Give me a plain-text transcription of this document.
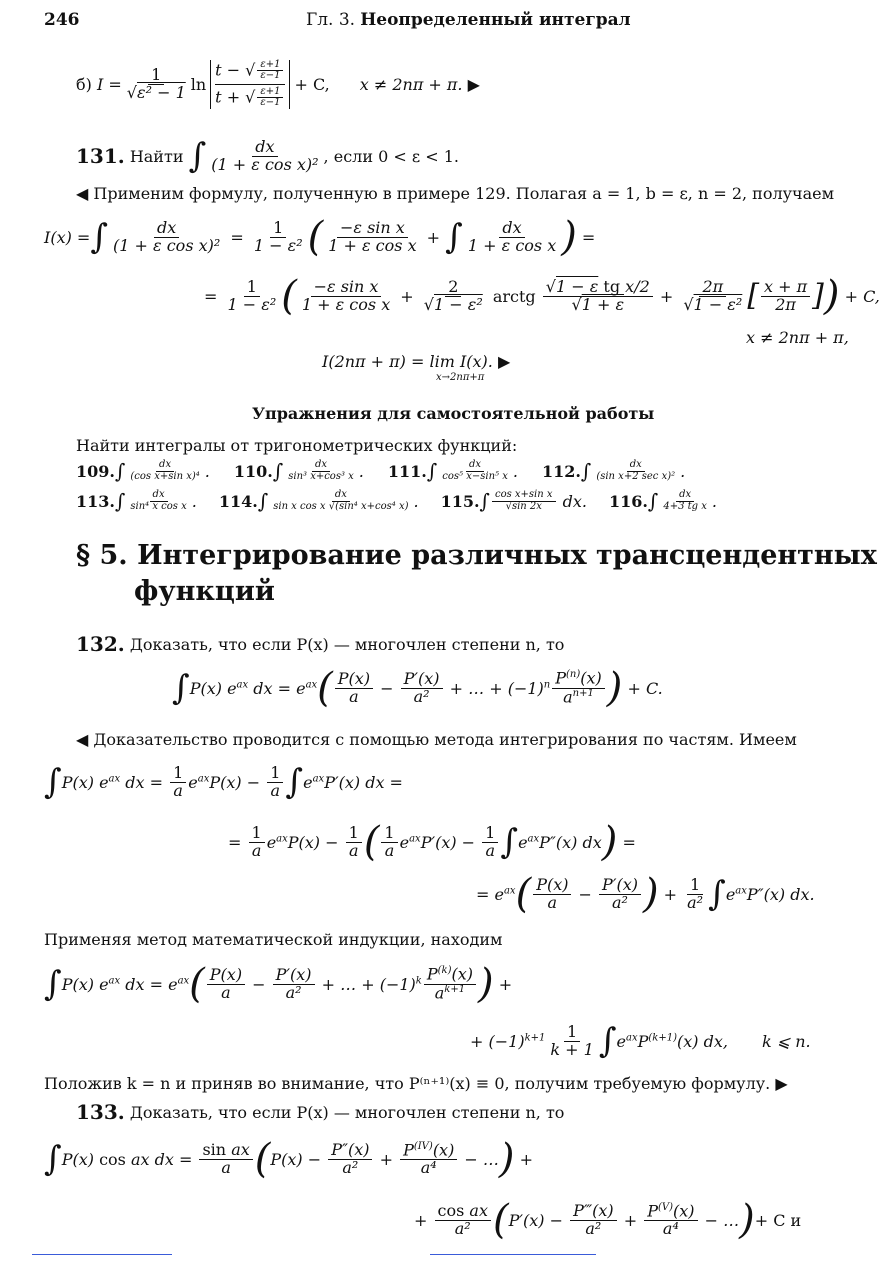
246	Гл. 3. Неопределенный интеграл
б)
$I = \frac{1}{\text{√ε² − 1}}$ ln
t − √ $\frac{\varepsilon+1}{\varepsilon-1}$
t + √ $\frac{\varepsilon+1}{\varepsilon-1}$
+ C, x ≠ 2nπ + π. ▶
131.
Найти
∫ $\frac{dx}{\text{(1 + ε cos x)²}}$ , если 0 < ε < 1.
◀ Применим формулу, полученную в примере 129. Полагая a = 1, b = ε, n = 2, получаем
I(x) = ∫ $\frac{dx}{\text{(1 + ε cos x)²}} = \frac{1}{\text{1 − ε²}}$ ( $\frac{\text{−ε sin x}}{\text{1 + ε cos x}}$ + ∫ $\frac{dx}{\text{1 + ε cos x}}$ ) =
= $\frac{1}{\text{1 − ε²}}$ ( $\frac{\text{−ε sin x}}{\text{1 + ε cos x}} + \frac{2}{\text{√1 − ε²}}$ arctg $\frac{\text{√1 − ε tg x/2}}{√1 + \varepsilon} + \frac{2\pi}{\text{√1 − ε²}}$ [ $\frac{x + \pi}{2\pi}$ ] ) + C,
x ≠ 2nπ + π,
I(2nπ + π) = lim I(x). ▶
x→2nπ+π
Упражнения для самостоятельной работы
Найти интегралы от тригонометрических функций:
109. ∫ $\frac{dx}{\text{(cos x+sin x)⁴}}$ . 110. ∫ $\frac{dx}{\text{sin³ x+cos³ x}}$ . 111. ∫ $\frac{dx}{\text{cos⁵ x−sin⁵ x}}$ . 112. ∫ $\frac{dx}{\text{(sin x+2 sec x)²}}$ .
113. ∫ $\frac{dx}{\text{sin⁴ x cos x}}$ . 114. ∫ $\frac{dx}{\text{sin x cos x √(sin⁴ x+cos⁴ x)}}$ . 115. ∫ $\frac{\text{cos x+sin x}}{√\sin 2x}$ dx. 116. ∫ $\frac{dx}{\text{4+3 tg x}}$ .
§ 5. Интегрирование различных трансцендентных
функций
132.
Доказать, что если P(x) — многочлен степени n, то
∫ P(x) $e^{ax}$ dx = $e^{ax}$ ( $\frac{P(x)}{a} - \frac{P'(x)}{\text{a²}}$ + … + $(-1)^n \frac{P^{(n)}(x)}{a^{n+1}}$ ) + C.
◀ Доказательство проводится с помощью метода интегрирования по частям. Имеем
∫ P(x) $e^{ax}$ dx = $\frac{1}{a} e^{ax}P(x) - \frac{1}{a}$ ∫ $e^{ax}P'(x)$ dx =
= $\frac{1}{a} e^{ax}P(x) - \frac{1}{a}$ ( $\frac{1}{a} e^{ax}P'(x) - \frac{1}{a}$ ∫ $e^{ax}P''(x)$ dx ) =
= $e^{ax}$ ( $\frac{P(x)}{a} - \frac{P'(x)}{\text{a²}}$ ) + $\frac{1}{\text{a²}}$ ∫ $e^{ax}P''(x)$ dx.
Применяя метод математической индукции, находим
∫ P(x) $e^{ax}$ dx = $e^{ax}$ ( $\frac{P(x)}{a} - \frac{P'(x)}{\text{a²}}$ + … + $(-1)^k \frac{P^{(k)}(x)}{a^{k+1}}$ ) +
+ $(-1)^{k+1} \frac{1}{k + 1}$ ∫ $e^{ax}P^{(k+1)}(x)$ dx, k ⩽ n.
Положив k = n и приняв во внимание, что P⁽ⁿ⁺¹⁾(x) ≡ 0, получим требуемую формулу. ▶
133.
Доказать, что если P(x) — многочлен степени n, то
∫ P(x) cos ax dx = $\frac{\text{sin ax}}{a}$ ( $P(x) - \frac{P''(x)}{\text{a²}} + \frac{P^{(IV)}(x)}{\text{a⁴}}$ − … ) +
+ $\frac{\text{cos ax}}{\text{a²}}$ ( $P'(x) - \frac{P‴(x)}{\text{a²}} + \frac{P^{(V)}(x)}{\text{a⁴}}$ − … ) + C и
